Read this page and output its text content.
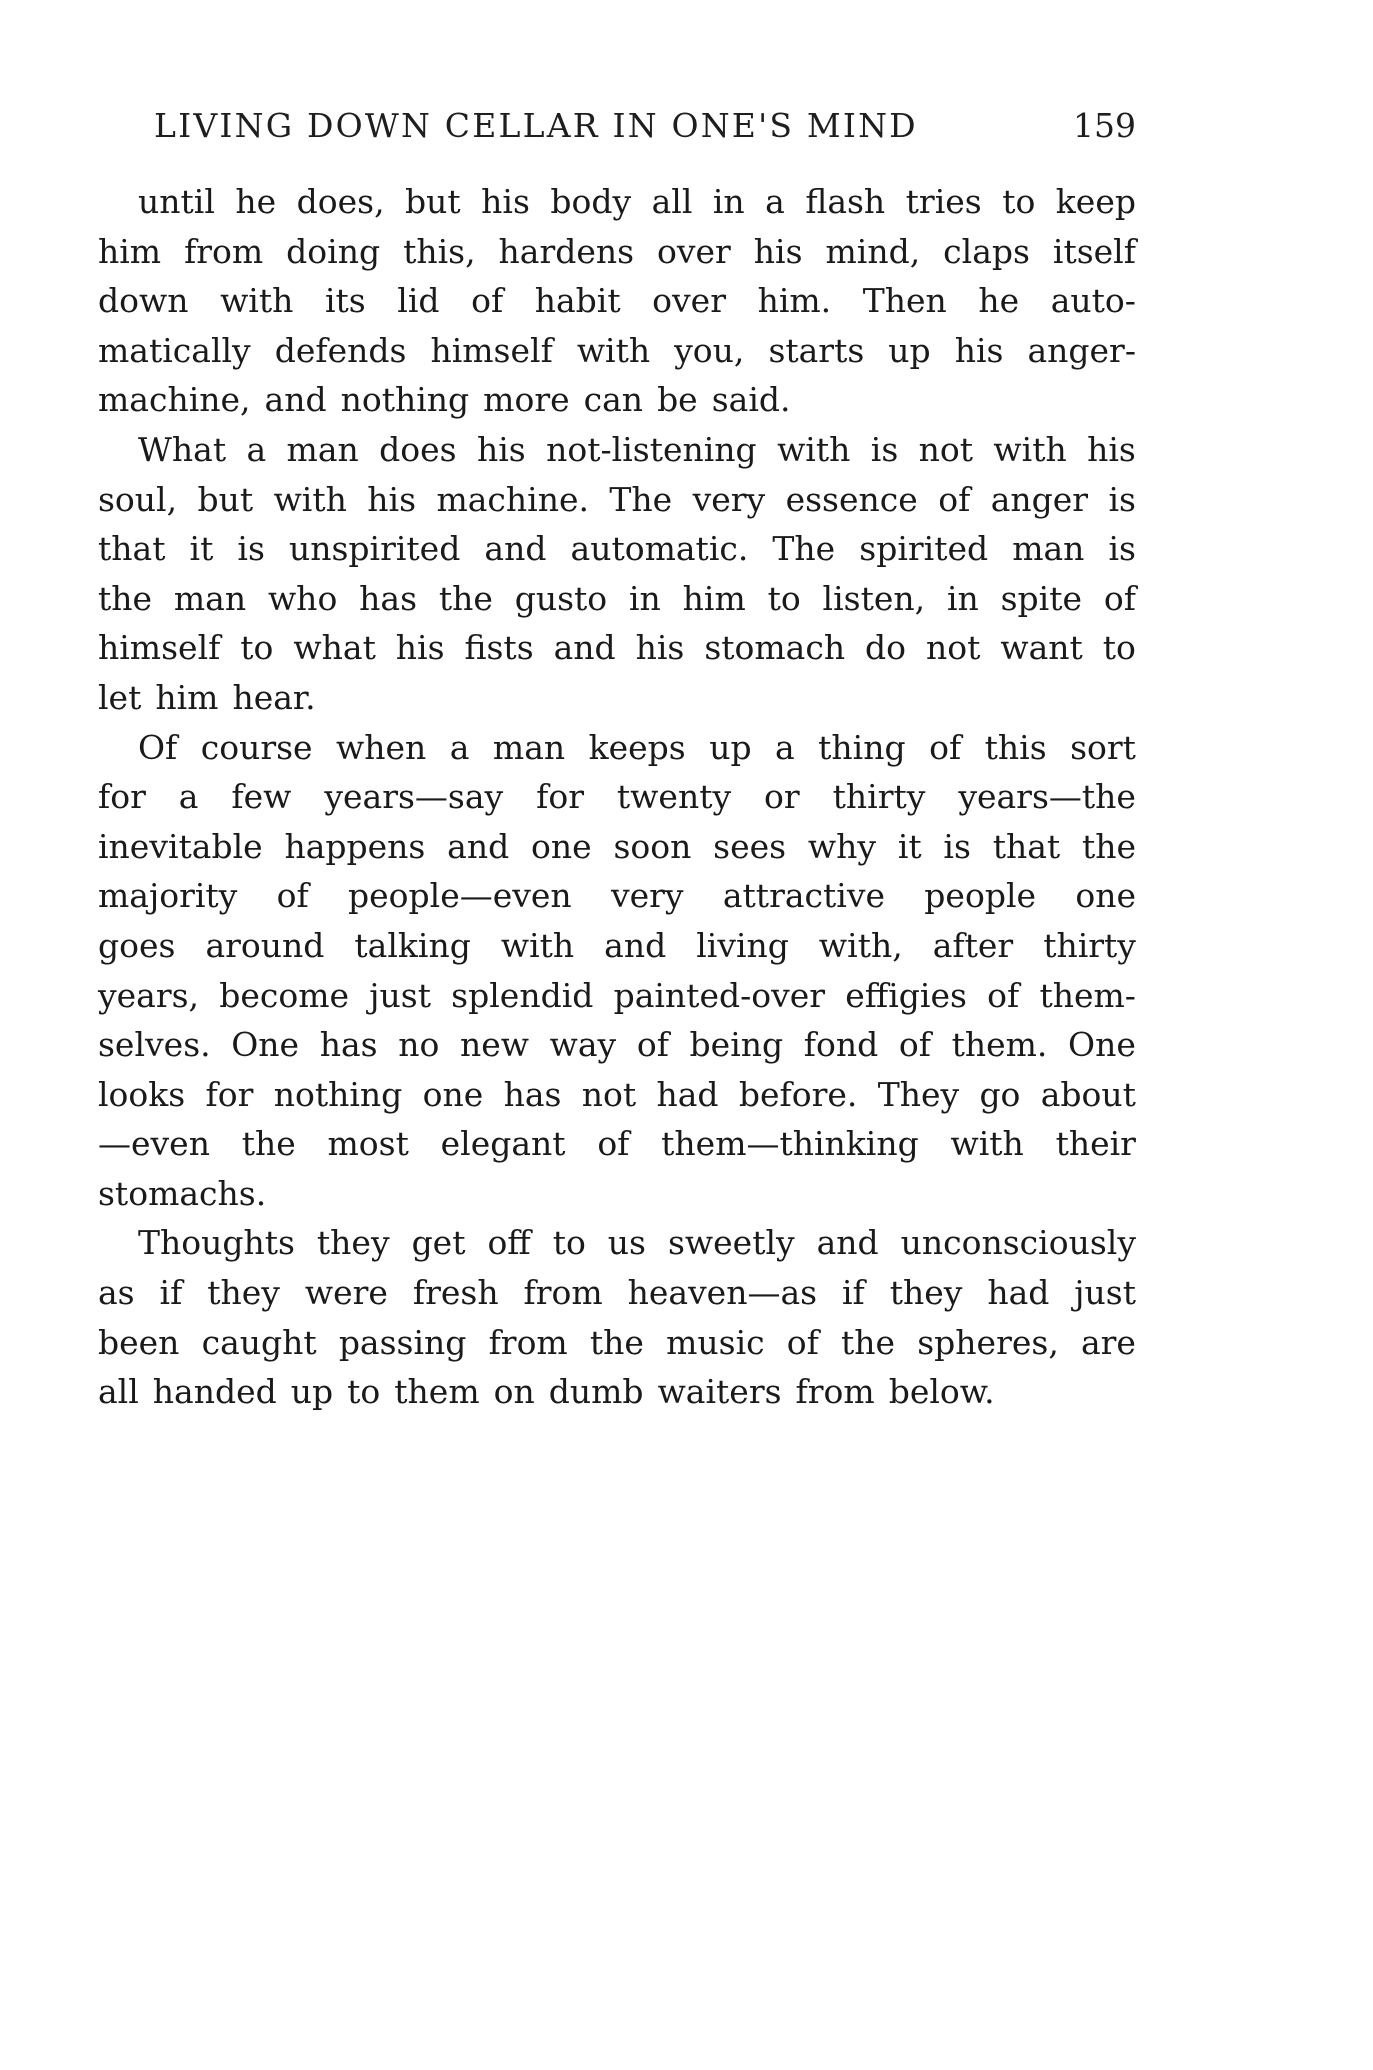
LIVING DOWN CELLAR IN ONE'S MIND	159
until he does, but his body all in a flash tries to keep
him from doing this, hardens over his mind, claps itself
down with its lid of habit over him. Then he auto-
matically defends himself with you, starts up his anger-
machine, and nothing more can be said.
What a man does his not-listening with is not with his
soul, but with his machine. The very essence of anger is
that it is unspirited and automatic. The spirited man is
the man who has the gusto in him to listen, in spite of
himself to what his fists and his stomach do not want to
let him hear.
Of course when a man keeps up a thing of this sort
for a few years—say for twenty or thirty years—the
inevitable happens and one soon sees why it is that the
majority of people—even very attractive people one
goes around talking with and living with, after thirty
years, become just splendid painted-over effigies of them-
selves. One has no new way of being fond of them. One
looks for nothing one has not had before. They go about
—even the most elegant of them—thinking with their
stomachs.
Thoughts they get off to us sweetly and unconsciously
as if they were fresh from heaven—as if they had just
been caught passing from the music of the spheres, are
all handed up to them on dumb waiters from below.
